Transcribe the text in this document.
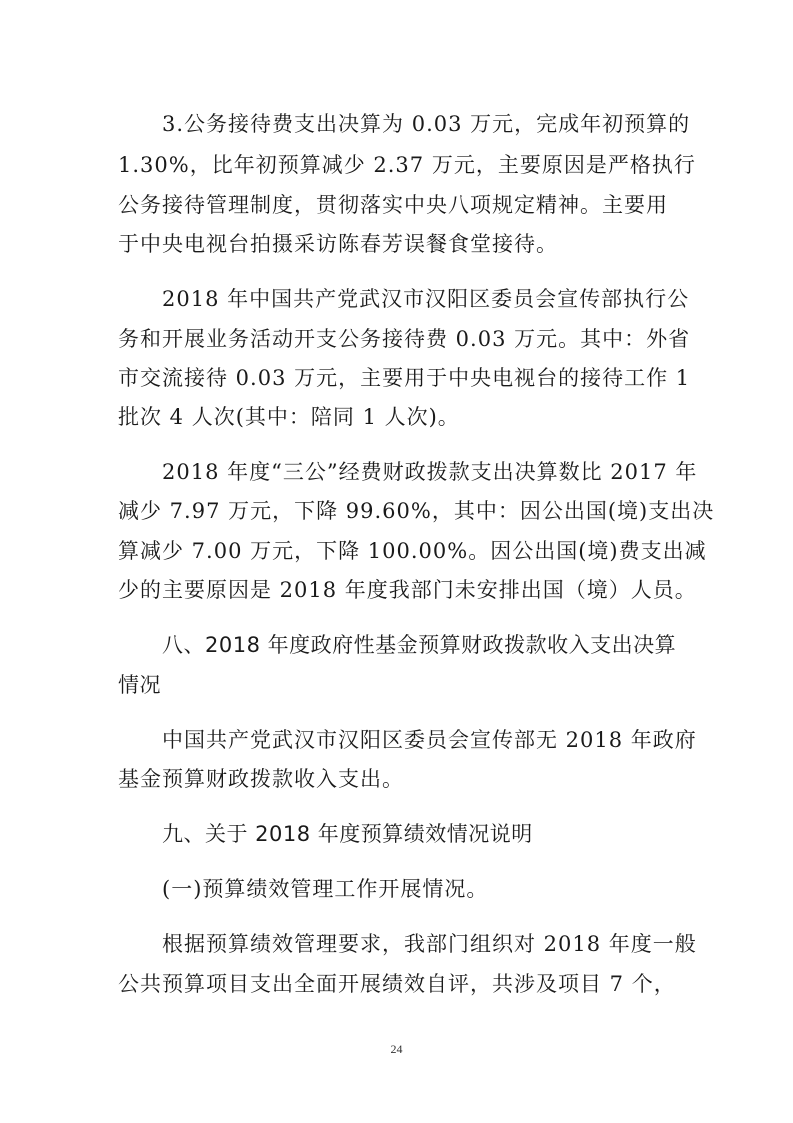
3.公务接待费支出决算为 0.03 万元，完成年初预算的
1.30%，比年初预算减少 2.37 万元，主要原因是严格执行
公务接待管理制度，贯彻落实中央八项规定精神。主要用
于中央电视台拍摄采访陈春芳误餐食堂接待。
2018 年中国共产党武汉市汉阳区委员会宣传部执行公
务和开展业务活动开支公务接待费 0.03 万元。其中：外省
市交流接待 0.03 万元，主要用于中央电视台的接待工作 1
批次 4 人次(其中：陪同 1 人次)。
2018 年度“三公”经费财政拨款支出决算数比 2017 年
减少 7.97 万元，下降 99.60%，其中：因公出国(境)支出决
算减少 7.00 万元，下降 100.00%。因公出国(境)费支出减
少的主要原因是 2018 年度我部门未安排出国（境）人员。
八、2018 年度政府性基金预算财政拨款收入支出决算
情况
中国共产党武汉市汉阳区委员会宣传部无 2018 年政府
基金预算财政拨款收入支出。
九、关于 2018 年度预算绩效情况说明
(一)预算绩效管理工作开展情况。
根据预算绩效管理要求，我部门组织对 2018 年度一般
公共预算项目支出全面开展绩效自评，共涉及项目 7 个，
24
